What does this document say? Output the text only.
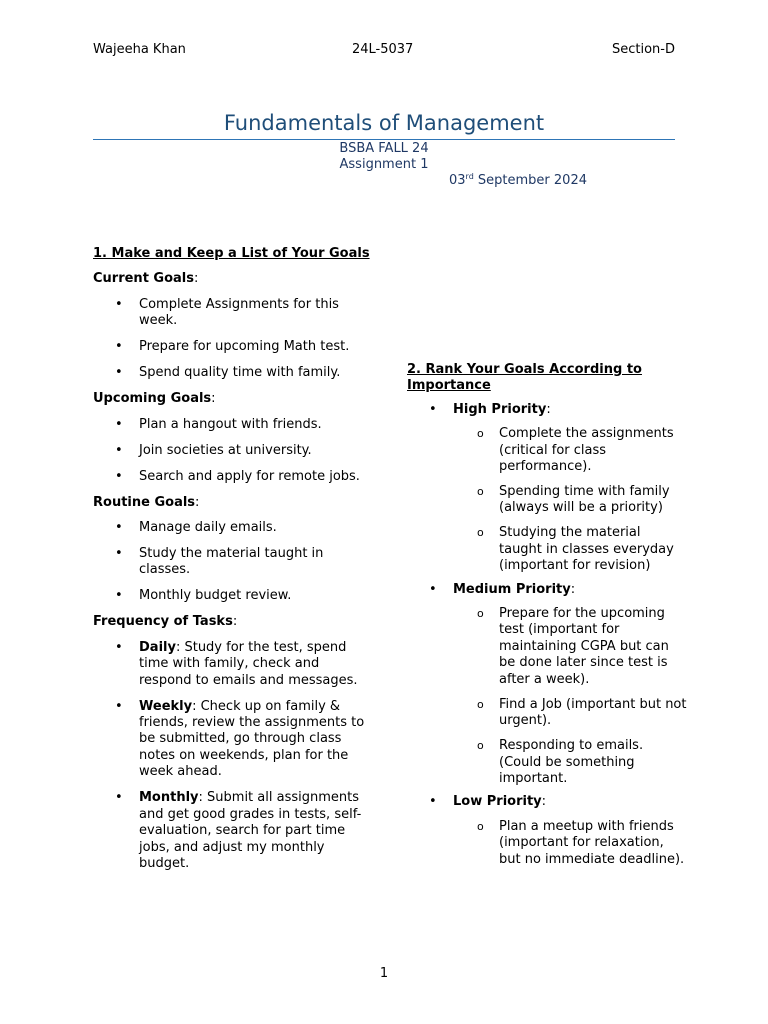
Wajeeha Khan	24L-5037	Section-D
Fundamentals of Management
BSBA FALL 24
Assignment 1
03rd September 2024
1. Make and Keep a List of Your Goals
Current Goals:
• Complete Assignments for this week.
• Prepare for upcoming Math test.
• Spend quality time with family.
Upcoming Goals:
• Plan a hangout with friends.
• Join societies at university.
• Search and apply for remote jobs.
Routine Goals:
• Manage daily emails.
• Study the material taught in classes.
• Monthly budget review.
Frequency of Tasks:
• Daily: Study for the test, spend time with family, check and respond to emails and messages.
• Weekly: Check up on family & friends, review the assignments to be submitted, go through class notes on weekends, plan for the week ahead.
• Monthly: Submit all assignments and get good grades in tests, self-evaluation, search for part time jobs, and adjust my monthly budget.
2. Rank Your Goals According to Importance
• High Priority:
o Complete the assignments (critical for class performance).
o Spending time with family (always will be a priority)
o Studying the material taught in classes everyday (important for revision)
• Medium Priority:
o Prepare for the upcoming test (important for maintaining CGPA but can be done later since test is after a week).
o Find a Job (important but not urgent).
o Responding to emails. (Could be something important.
• Low Priority:
o Plan a meetup with friends (important for relaxation, but no immediate deadline).
1
